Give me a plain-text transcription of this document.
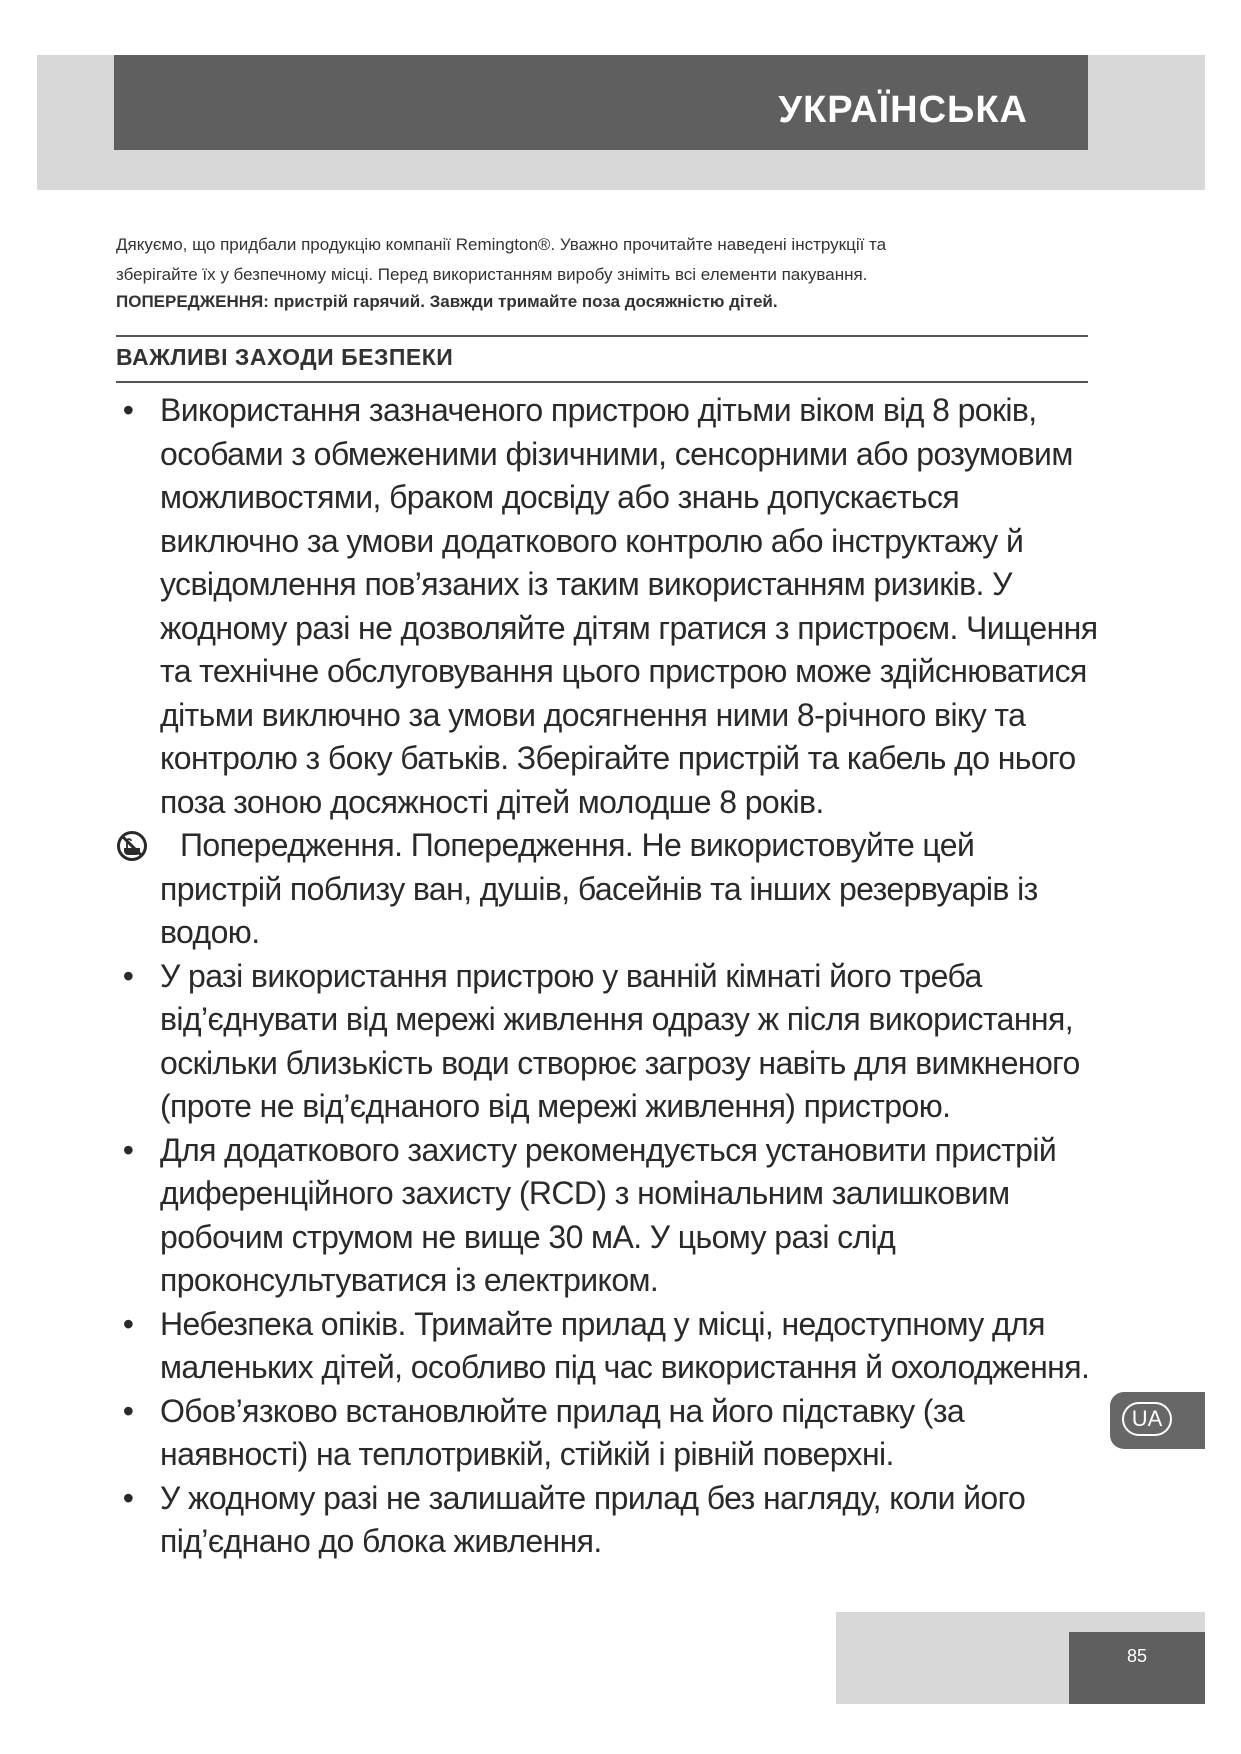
УКРАЇНСЬКА

Дякуємо, що придбали продукцію компанії Remington®. Уважно прочитайте наведені інструкції та

зберігайте їх у безпечному місці. Перед використанням виробу зніміть всі елементи пакування.

ПОПЕРЕДЖЕННЯ: пристрій гарячий. Завжди тримайте поза досяжністю дітей.

ВАЖЛИВІ ЗАХОДИ БЕЗПЕКИ
• Використання зазначеного пристрою дітьми віком від 8 років, особами з обмеженими фізичними, сенсорними або розумовим можливостями, браком досвіду або знань допускається виключно за умови додаткового контролю або інструктажу й усвідомлення пов’язаних із таким використанням ризиків. У жодному разі не дозволяйте дітям гратися з пристроєм. Чищення та технічне обслуговування цього пристрою може здійснюватися дітьми виключно за умови досягнення ними 8-річного віку та контролю з боку батьків. Зберігайте пристрій та кабель до нього поза зоною досяжності дітей молодше 8 років.
Попередження. Попередження. Не використовуйте цей пристрій поблизу ван, душів, басейнів та інших резервуарів із водою.
• У разі використання пристрою у ванній кімнаті його треба від’єднувати від мережі живлення одразу ж після використання, оскільки близькість води створює загрозу навіть для вимкненого (проте не від’єднаного від мережі живлення) пристрою.
• Для додаткового захисту рекомендується установити пристрій диференційного захисту (RCD) з номінальним залишковим робочим струмом не вище 30 мА. У цьому разі слід проконсультуватися із електриком.
• Небезпека опіків. Тримайте прилад у місці, недоступному для маленьких дітей, особливо під час використання й охолодження.
• Обов’язково встановлюйте прилад на його підставку (за наявності) на теплотривкій, стійкій і рівній поверхні.
• У жодному разі не залишайте прилад без нагляду, коли його під’єднано до блока живлення.
UA
85
